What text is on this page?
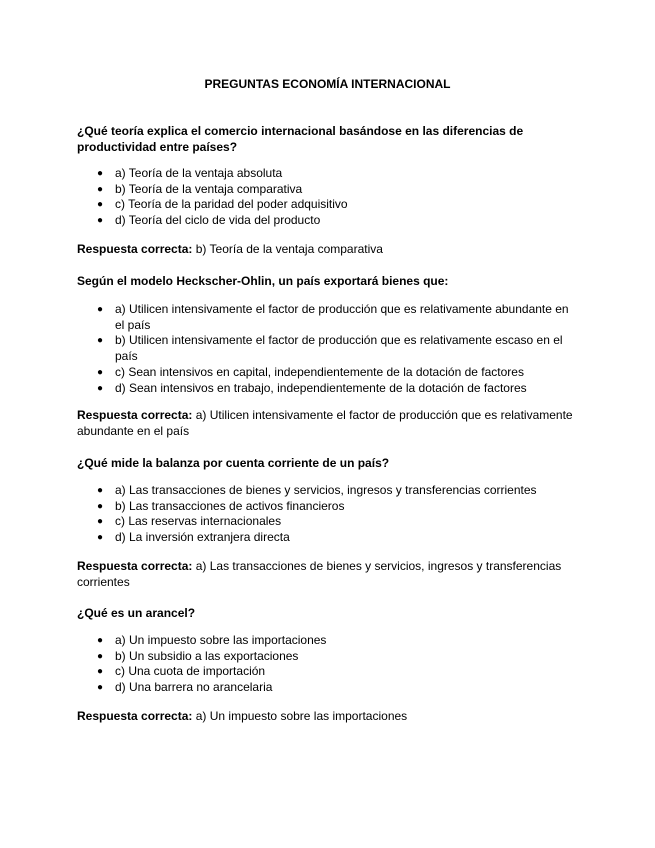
PREGUNTAS ECONOMÍA INTERNACIONAL
¿Qué teoría explica el comercio internacional basándose en las diferencias de productividad entre países?
● a) Teoría de la ventaja absoluta
● b) Teoría de la ventaja comparativa
● c) Teoría de la paridad del poder adquisitivo
● d) Teoría del ciclo de vida del producto
Respuesta correcta: b) Teoría de la ventaja comparativa
Según el modelo Heckscher-Ohlin, un país exportará bienes que:
● a) Utilicen intensivamente el factor de producción que es relativamente abundante en el país
● b) Utilicen intensivamente el factor de producción que es relativamente escaso en el país
● c) Sean intensivos en capital, independientemente de la dotación de factores
● d) Sean intensivos en trabajo, independientemente de la dotación de factores
Respuesta correcta: a) Utilicen intensivamente el factor de producción que es relativamente abundante en el país
¿Qué mide la balanza por cuenta corriente de un país?
● a) Las transacciones de bienes y servicios, ingresos y transferencias corrientes
● b) Las transacciones de activos financieros
● c) Las reservas internacionales
● d) La inversión extranjera directa
Respuesta correcta: a) Las transacciones de bienes y servicios, ingresos y transferencias corrientes
¿Qué es un arancel?
● a) Un impuesto sobre las importaciones
● b) Un subsidio a las exportaciones
● c) Una cuota de importación
● d) Una barrera no arancelaria
Respuesta correcta: a) Un impuesto sobre las importaciones
